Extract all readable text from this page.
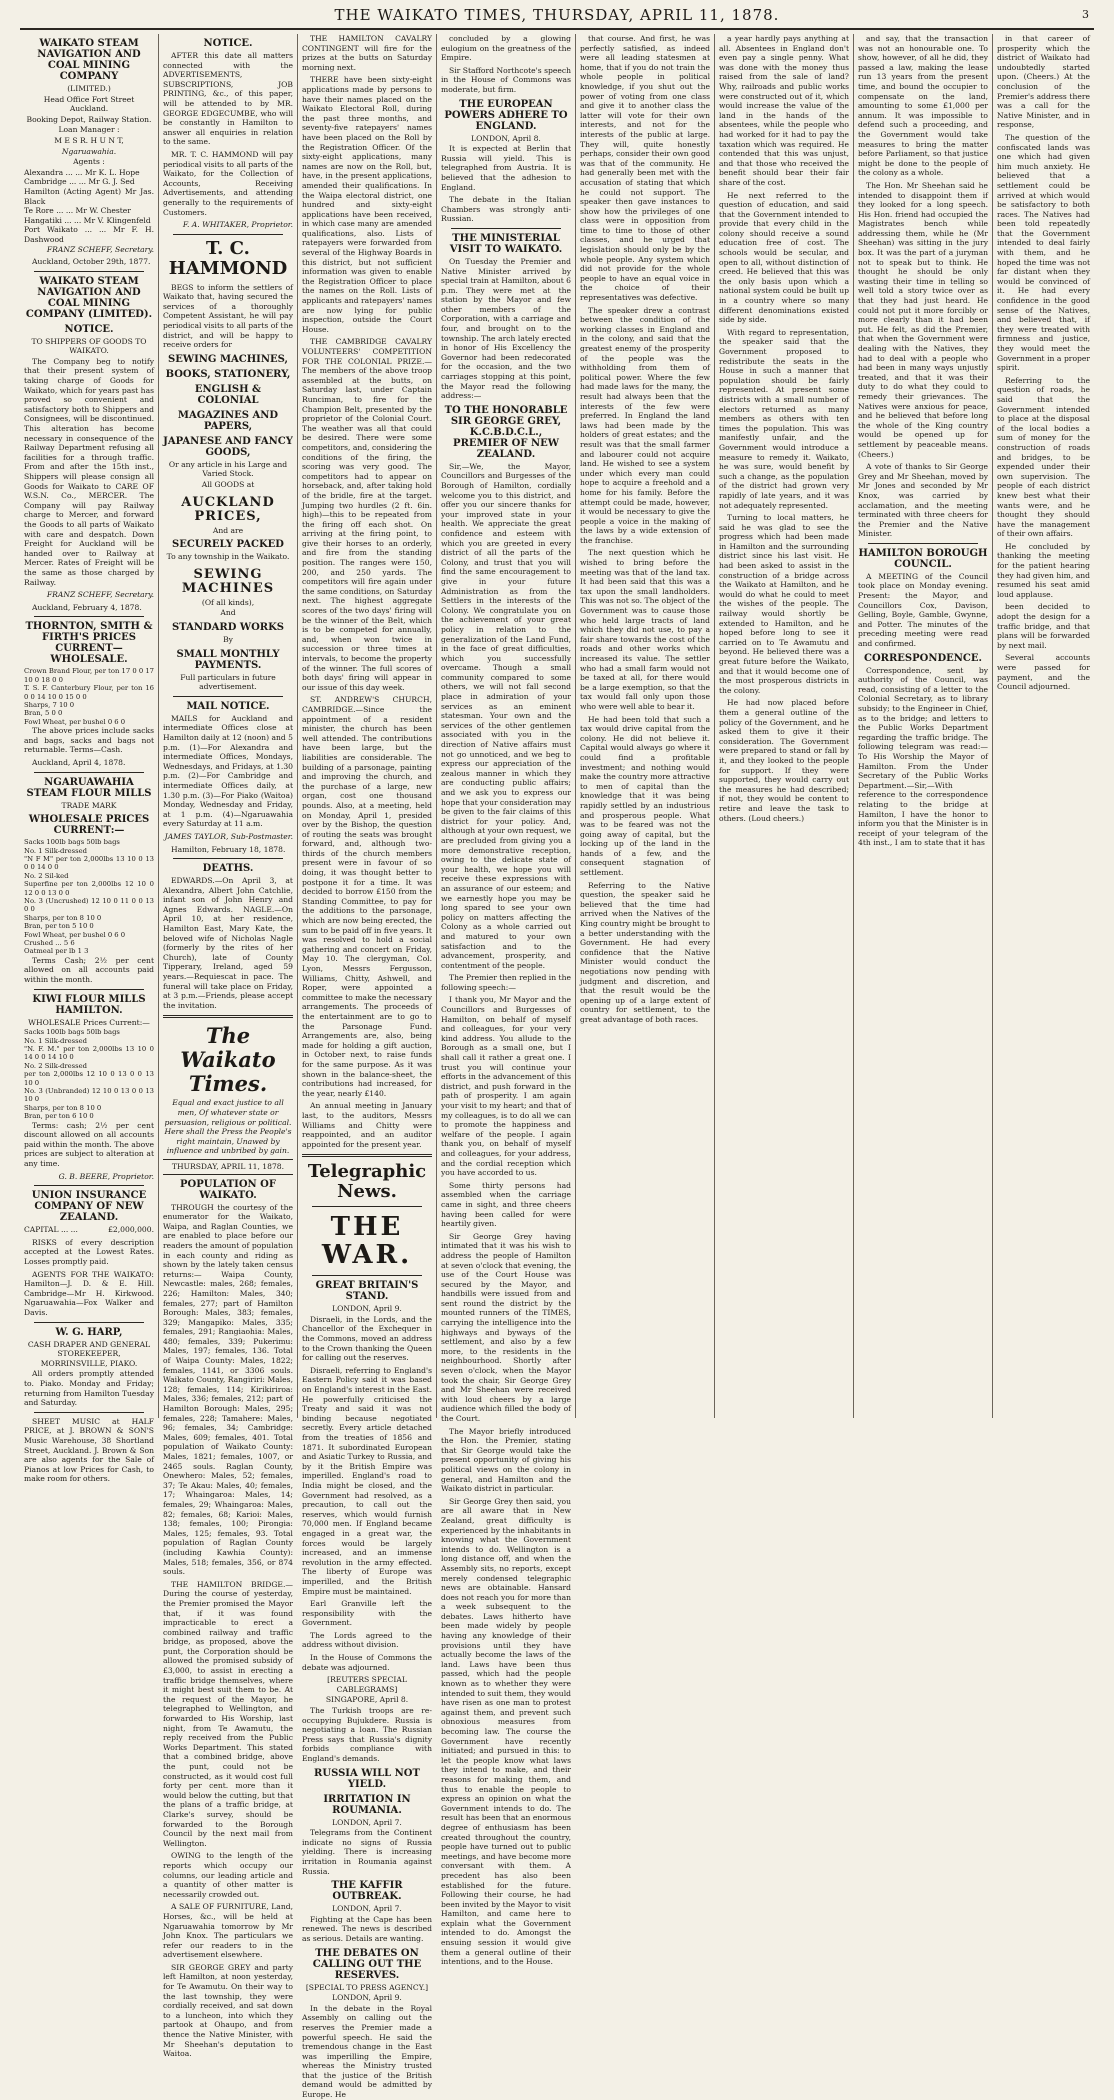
THE WAIKATO TIMES, THURSDAY, APRIL 11, 1878.	3
WAIKATO STEAM NAVIGATION AND COAL MINING COMPANY

(LIMITED.)

Head Office Fort Street Auckland.

Booking Depot, Railway Station.

Loan Manager :

M E S R. H U N T,

Ngaruawahia.

Agents :

Alexandra ... ... Mr K. L. Hope
Cambridge ... ... Mr G. J. Sed
Hamilton (Acting Agent) Mr Jas. Black
Te Rore ... ... Mr W. Chester
Hangatiki ... ... Mr V. Klingenfeld
Port Waikato ... ... Mr F. H. Dashwood

FRANZ SCHEFF, Secretary.

Auckland, October 29th, 1877.

WAIKATO STEAM NAVIGATION AND COAL MINING COMPANY (LIMITED).
NOTICE.

TO SHIPPERS OF GOODS TO WAIKATO.

The Company beg to notify that their present system of taking charge of Goods for Waikato, which for years past has proved so convenient and satisfactory both to Shippers and Consignees, will be discontinued. This alteration has become necessary in consequence of the Railway Department refusing all facilities for a through traffic. From and after the 15th inst., Shippers will please consign all Goods for Waikato to CARE OF W.S.N. Co., MERCER. The Company will pay Railway charge to Mercer, and forward the Goods to all parts of Waikato with care and despatch. Down Freight for Auckland will be handed over to Railway at Mercer. Rates of Freight will be the same as those charged by Railway.

FRANZ SCHEFF, Secretary.

Auckland, February 4, 1878.

THORNTON, SMITH & FIRTH'S PRICES CURRENT—WHOLESALE.
Crown Brand Flour, per ton 17 0 0 17 10 0 18 0 0
T. S. F. Canterbury Flour, per ton 16 0 0 14 10 0 15 0 0
Sharps, 7 10 0
Bran, 5 0 0
Fowl Wheat, per bushel 0 6 0

The above prices include sacks and bags, sacks and bags not returnable. Terms—Cash.

Auckland, April 4, 1878.

NGARUAWAHIA STEAM FLOUR MILLS

TRADE MARK

WHOLESALE PRICES CURRENT:—
Sacks 100lb bags 50lb bags
No. 1 Silk-dressed
"N F M" per ton 2,000lbs 13 10 0 13 0 0 14 0 0
No. 2 Sil-ked
Superfine per ton 2,000lbs 12 10 0 12 0 0 13 0 0
No. 3 (Uncrushed) 12 10 0 11 0 0 13 0 0
Sharps, per ton 8 10 0
Bran, per ton 5 10 0
Fowl Wheat, per bushel 0 6 0
Crushed ... 5 6
Oatmeal per lb 1 3

Terms Cash; 2½ per cent allowed on all accounts paid within the month.

KIWI FLOUR MILLS HAMILTON.

WHOLESALE Prices Current:—

Sacks 100lb bags 50lb bags
No. 1 Silk-dressed
"N. F. M." per ton 2,000lbs 13 10 0 14 0 0 14 10 0
No. 2 Silk-dressed
per ton 2,000lbs 12 10 0 13 0 0 13 10 0
No. 3 (Unbranded) 12 10 0 13 0 0 13 10 0
Sharps, per ton 8 10 0
Bran, per ton 6 10 0

Terms: cash; 2½ per cent discount allowed on all accounts paid within the month. The above prices are subject to alteration at any time.

G. B. BEERE, Proprietor.

UNION INSURANCE COMPANY OF NEW ZEALAND.

CAPITAL ... ...	£2,000,000.

RISKS of every description accepted at the Lowest Rates. Losses promptly paid.

AGENTS FOR THE WAIKATO: Hamilton—J. D. & E. Hill. Cambridge—Mr H. Kirkwood. Ngaruawahia—Fox Walker and Davis.

W. G. HARP,

CASH DRAPER AND GENERAL STOREKEEPER, MORRINSVILLE, PIAKO.

All orders promptly attended to. Piako. Monday and Friday; returning from Hamilton Tuesday and Saturday.

SHEET MUSIC at HALF PRICE, at J. BROWN & SON'S Music Warehouse, 38 Shortland Street, Auckland. J. Brown & Son are also agents for the Sale of Pianos at low Prices for Cash, to make room for others.

NOTICE.

AFTER this date all matters connected with the ADVERTISEMENTS, SUBSCRIPTIONS, JOB PRINTING, &c., of this paper, will be attended to by MR. GEORGE EDGECUMBE, who will be constantly in Hamilton to answer all enquiries in relation to the same.

MR. T. C. HAMMOND will pay periodical visits to all parts of the Waikato, for the Collection of Accounts, Receiving Advertisements, and attending generally to the requirements of Customers.

F. A. WHITAKER, Proprietor.

T. C. HAMMOND

BEGS to inform the settlers of Waikato that, having secured the services of a thoroughly Competent Assistant, he will pay periodical visits to all parts of the district, and will be happy to receive orders for

SEWING MACHINES,
BOOKS, STATIONERY,
ENGLISH & COLONIAL
MAGAZINES AND PAPERS,
JAPANESE AND FANCY GOODS,

Or any article in his Large and Varied Stock.

All GOODS at

AUCKLAND PRICES,

And are

SECURELY PACKED

To any township in the Waikato.

SEWING MACHINES

(Of all kinds),

And

STANDARD WORKS

By

SMALL MONTHLY PAYMENTS.

Full particulars in future advertisement.

MAIL NOTICE.

MAILS for Auckland and intermediate Offices close at Hamilton daily at 12 (noon) and 5 p.m. (1)—For Alexandra and intermediate Offices, Mondays, Wednesdays, and Fridays, at 1.30 p.m. (2)—For Cambridge and intermediate Offices daily, at 1.30 p.m. (3)—For Piako (Waitoa) Monday, Wednesday and Friday, at 1 p.m. (4)—Ngaruawahia every Saturday at 11 a.m.

JAMES TAYLOR, Sub-Postmaster.

Hamilton, February 18, 1878.

DEATHS.

EDWARDS.—On April 3, at Alexandra, Albert John Catchlie, infant son of John Henry and Agnes Edwards. NAGLE.—On April 10, at her residence, Hamilton East, Mary Kate, the beloved wife of Nicholas Nagle (formerly by the rites of her Church), late of County Tipperary, Ireland, aged 59 years.—Requiescat in pace. The funeral will take place on Friday, at 3 p.m.—Friends, please accept the invitation.

The Waikato Times.

Equal and exact justice to all men, Of whatever state or persuasion, religious or political. Here shall the Press the People's right maintain, Unawed by influence and unbribed by gain.

THURSDAY, APRIL 11, 1878.

POPULATION OF WAIKATO.

THROUGH the courtesy of the enumerator for the Waikato, Waipa, and Raglan Counties, we are enabled to place before our readers the amount of population in each county and riding as shown by the lately taken census returns:— Waipa County, Newcastle: males, 268; females, 226; Hamilton: Males, 340; females, 277; part of Hamilton Borough: Males, 383; females, 329; Mangapiko: Males, 335; females, 291; Rangiaohia: Males, 480; females, 339; Pukerimu: Males, 197; females, 136. Total of Waipa County: Males, 1822; females, 1141, or 3306 souls. Waikato County, Rangiriri: Males, 128; females, 114; Kirikiriroa: Males, 336; females, 212; part of Hamilton Borough: Males, 295; females, 228; Tamahere: Males, 96; females, 34; Cambridge: Males, 609; females, 401. Total population of Waikato County: Males, 1821; females, 1007, or 2465 souls. Raglan County, Onewhero: Males, 52; females, 37; Te Akau: Males, 40; females, 17; Whaingaroa: Males, 14; females, 29; Whaingaroa: Males, 82; females, 68; Karioi: Males, 138; females, 100; Pirongia: Males, 125; females, 93. Total population of Raglan County (including Kawhia County): Males, 518; females, 356, or 874 souls.

THE HAMILTON BRIDGE.—During the course of yesterday, the Premier promised the Mayor that, if it was found impracticable to erect a combined railway and traffic bridge, as proposed, above the punt, the Corporation should be allowed the promised subsidy of £3,000, to assist in erecting a traffic bridge themselves, where it might best suit them to be. At the request of the Mayor, he telegraphed to Wellington, and forwarded to His Worship, last night, from Te Awamutu, the reply received from the Public Works Department. This stated that a combined bridge, above the punt, could not be constructed, as it would cost full forty per cent. more than it would below the cutting, but that the plans of a traffic bridge, at Clarke's survey, should be forwarded to the Borough Council by the next mail from Wellington.

OWING to the length of the reports which occupy our columns, our leading article and a quantity of other matter is necessarily crowded out.

A SALE OF FURNITURE, Land, Horses, &c., will be held at Ngaruawahia tomorrow by Mr John Knox. The particulars we refer our readers to in the advertisement elsewhere.

SIR GEORGE GREY and party left Hamilton, at noon yesterday, for Te Awamutu. On their way to the last township, they were cordially received, and sat down to a luncheon, into which they partook at Ohaupo, and from thence the Native Minister, with Mr Sheehan's deputation to Waitoa.

THE HAMILTON CAVALRY CONTINGENT will fire for the prizes at the butts on Saturday morning next.

THERE have been sixty-eight applications made by persons to have their names placed on the Waikato Electoral Roll, during the past three months, and seventy-five ratepayers' names have been placed on the Roll by the Registration Officer. Of the sixty-eight applications, many names are now on the Roll, but, have, in the present applications, amended their qualifications. In the Waipa electoral district, one hundred and sixty-eight applications have been received, in which case many are amended qualifications, also. Lists of ratepayers were forwarded from several of the Highway Boards in this district, but not sufficient information was given to enable the Registration Officer to place the names on the Roll. Lists of applicants and ratepayers' names are now lying for public inspection, outside the Court House.

THE CAMBRIDGE CAVALRY VOLUNTEERS' COMPETITION FOR THE COLONIAL PRIZE.—The members of the above troop assembled at the butts, on Saturday last, under Captain Runciman, to fire for the Champion Belt, presented by the proprietor of the Colonial Court. The weather was all that could be desired. There were some competitors, and, considering the conditions of the firing, the scoring was very good. The competitors had to appear on horseback, and, after taking hold of the bridle, fire at the target. Jumping two hurdles (2 ft. 6in. high)—this to be repeated from the firing off each shot. On arriving at the firing point, to give their horses to an orderly, and fire from the standing position. The ranges were 150, 200, and 250 yards. The competitors will fire again under the same conditions, on Saturday next. The highest aggregate scores of the two days' firing will be the winner of the Belt, which is to be competed for annually, and, when won twice in succession or three times at intervals, to become the property of the winner. The full scores of both days' firing will appear in our issue of this day week.

ST. ANDREW'S CHURCH, CAMBRIDGE.—Since the appointment of a resident minister, the church has been well attended. The contributions have been large, but the liabilities are considerable. The building of a parsonage, painting and improving the church, and the purchase of a large, new organ, cost one thousand pounds. Also, at a meeting, held on Monday, April 1, presided over by the Bishop, the question of routing the seats was brought forward, and, although two-thirds of the church members present were in favour of so doing, it was thought better to postpone it for a time. It was decided to borrow £150 from the Standing Committee, to pay for the additions to the parsonage, which are now being erected, the sum to be paid off in five years. It was resolved to hold a social gathering and concert on Friday, May 10. The clergyman, Col. Lyon, Messrs Fergusson, Williams, Chitty, Ashwell, and Roper, were appointed a committee to make the necessary arrangements. The proceeds of the entertainment are to go to the Parsonage Fund. Arrangements are, also, being made for holding a gift auction, in October next, to raise funds for the same purpose. As it was shown in the balance-sheet, the contributions had increased, for the year, nearly £140.

An annual meeting in January last, to the auditors, Messrs Williams and Chitty were reappointed, and an auditor appointed for the present year.

Telegraphic News.
THE WAR.
GREAT BRITAIN'S STAND.

LONDON, April 9.

Disraeli, in the Lords, and the Chancellor of the Exchequer in the Commons, moved an address to the Crown thanking the Queen for calling out the reserves.

Disraeli, referring to England's Eastern Policy said it was based on England's interest in the East. He powerfully criticised the Treaty and said it was not binding because negotiated secretly. Every article detached from the treaties of 1856 and 1871. It subordinated European and Asiatic Turkey to Russia, and by it the British Empire was imperilled. England's road to India might be closed, and the Government had resolved, as a precaution, to call out the reserves, which would furnish 70,000 men. If England became engaged in a great war, the forces would be largely increased, and an immense revolution in the army effected. The liberty of Europe was imperilled, and the British Empire must be maintained.

Earl Granville left the responsibility with the Government.

The Lords agreed to the address without division.

In the House of Commons the debate was adjourned.

[REUTERS SPECIAL CABLEGRAMS]

SINGAPORE, April 8.

The Turkish troops are re-occupying Bujukdere. Russia is negotiating a loan. The Russian Press says that Russia's dignity forbids compliance with England's demands.

RUSSIA WILL NOT YIELD.
IRRITATION IN ROUMANIA.

LONDON, April 7.

Telegrams from the Continent indicate no signs of Russia yielding. There is increasing irritation in Roumania against Russia.

THE KAFFIR OUTBREAK.

LONDON, April 7.

Fighting at the Cape has been renewed. The news is described as serious. Details are wanting.

THE DEBATES ON CALLING OUT THE RESERVES.

[SPECIAL TO PRESS AGENCY.]

LONDON, April 9.

In the debate in the Royal Assembly on calling out the reserves the Premier made a powerful speech. He said the tremendous change in the East was imperilling the Empire, whereas the Ministry trusted that the justice of the British demand would be admitted by Europe. He

concluded by a glowing eulogium on the greatness of the Empire.

Sir Stafford Northcote's speech in the House of Commons was moderate, but firm.

THE EUROPEAN POWERS ADHERE TO ENGLAND.

LONDON, April 8.

It is expected at Berlin that Russia will yield. This is telegraphed from Austria. It is believed that the adhesion to England.

The debate in the Italian Chambers was strongly anti-Russian.

THE MINISTERIAL VISIT TO WAIKATO.

On Tuesday the Premier and Native Minister arrived by special train at Hamilton, about 6 p.m. They were met at the station by the Mayor and few other members of the Corporation, with a carriage and four, and brought on to the township. The arch lately erected in honor of His Excellency the Governor had been redecorated for the occasion, and the two carriages stopping at this point, the Mayor read the following address:—

TO THE HONORABLE SIR GEORGE GREY, K.C.B.D.C.L., PREMIER OF NEW ZEALAND.

Sir,—We, the Mayor, Councillors and Burgesses of the Borough of Hamilton, cordially welcome you to this district, and offer you our sincere thanks for your improved state in your health. We appreciate the great confidence and esteem with which you are greeted in every district of all the parts of the Colony, and trust that you will find the same encouragement to give in your future Administration as from the Settlers in the interests of the Colony. We congratulate you on the achievement of your great policy in relation to the generalization of the Land Fund, in the face of great difficulties, which you successfully overcame. Though a small community compared to some others, we will not fall second place in admiration of your services as an eminent statesman. Your own and the services of the other gentlemen associated with you in the direction of Native affairs must not go unnoticed, and we beg to express our appreciation of the zealous manner in which they are conducting public affairs; and we ask you to express our hope that your consideration may be given to the fair claims of this district for your policy. And, although at your own request, we are precluded from giving you a more demonstrative reception, owing to the delicate state of your health, we hope you will receive these expressions with an assurance of our esteem; and we earnestly hope you may be long spared to see your own policy on matters affecting the Colony as a whole carried out and matured to your own satisfaction and to the advancement, prosperity, and contentment of the people.

The Premier then replied in the following speech:—

I thank you, Mr Mayor and the Councillors and Burgesses of Hamilton, on behalf of myself and colleagues, for your very kind address. You allude to the Borough as a small one, but I shall call it rather a great one. I trust you will continue your efforts in the advancement of this district, and push forward in the path of prosperity. I am again your visit to my heart; and that of my colleagues, is to do all we can to promote the happiness and welfare of the people. I again thank you, on behalf of myself and colleagues, for your address, and the cordial reception which you have accorded to us.

Some thirty persons had assembled when the carriage came in sight, and three cheers having been called for were heartily given.

Sir George Grey having intimated that it was his wish to address the people of Hamilton at seven o'clock that evening, the use of the Court House was secured by the Mayor, and handbills were issued from and sent round the district by the mounted runners of the TIMES, carrying the intelligence into the highways and byways of the settlement, and also by a few more, to the residents in the neighbourhood. Shortly after seven o'clock, when the Mayor took the chair, Sir George Grey and Mr Sheehan were received with loud cheers by a large audience which filled the body of the Court.

The Mayor briefly introduced the Hon. the Premier, stating that Sir George would take the present opportunity of giving his political views on the colony in general, and Hamilton and the Waikato district in particular.

Sir George Grey then said, you are all aware that in New Zealand, great difficulty is experienced by the inhabitants in knowing what the Government intends to do. Wellington is a long distance off, and when the Assembly sits, no reports, except merely condensed telegraphic news are obtainable. Hansard does not reach you for more than a week subsequent to the debates. Laws hitherto have been made widely by people having any knowledge of their provisions until they have actually become the laws of the land. Laws have been thus passed, which had the people known as to whether they were intended to suit them, they would have risen as one man to protest against them, and prevent such obnoxious measures from becoming law. The course the Government have recently initiated; and pursued in this: to let the people know what laws they intend to make, and their reasons for making them, and thus to enable the people to express an opinion on what the Government intends to do. The result has been that an enormous degree of enthusiasm has been created throughout the country, people have turned out to public meetings, and have become more conversant with them. A precedent has also been established for the future. Following their course, he had been invited by the Mayor to visit Hamilton, and came here to explain what the Government intended to do. Amongst the ensuing session it would give them a general outline of their intentions, and to the House.

that course. And first, he was perfectly satisfied, as indeed were all leading statesmen at home, that if you do not train the whole people in political knowledge, if you shut out the power of voting from one class and give it to another class the latter will vote for their own interests, and not for the interests of the public at large. They will, quite honestly perhaps, consider their own good was that of the community. He had generally been met with the accusation of stating that which he could not support. The speaker then gave instances to show how the privileges of one class were in opposition from time to time to those of other classes, and he urged that legislation should only be by the whole people. Any system which did not provide for the whole people to have an equal voice in the choice of their representatives was defective.

The speaker drew a contrast between the condition of the working classes in England and in the colony, and said that the greatest enemy of the prosperity of the people was the withholding from them of political power. Where the few had made laws for the many, the result had always been that the interests of the few were preferred. In England the land laws had been made by the holders of great estates; and the result was that the small farmer and labourer could not acquire land. He wished to see a system under which every man could hope to acquire a freehold and a home for his family. Before the attempt could be made, however, it would be necessary to give the people a voice in the making of the laws by a wide extension of the franchise.

The next question which he wished to bring before the meeting was that of the land tax. It had been said that this was a tax upon the small landholders. This was not so. The object of the Government was to cause those who held large tracts of land which they did not use, to pay a fair share towards the cost of the roads and other works which increased its value. The settler who had a small farm would not be taxed at all, for there would be a large exemption, so that the tax would fall only upon those who were well able to bear it.

He had been told that such a tax would drive capital from the colony. He did not believe it. Capital would always go where it could find a profitable investment; and nothing would make the country more attractive to men of capital than the knowledge that it was being rapidly settled by an industrious and prosperous people. What was to be feared was not the going away of capital, but the locking up of the land in the hands of a few, and the consequent stagnation of settlement.

Referring to the Native question, the speaker said he believed that the time had arrived when the Natives of the King country might be brought to a better understanding with the Government. He had every confidence that the Native Minister would conduct the negotiations now pending with judgment and discretion, and that the result would be the opening up of a large extent of country for settlement, to the great advantage of both races.

a year hardly pays anything at all. Absentees in England don't even pay a single penny. What was done with the money thus raised from the sale of land? Why, railroads and public works were constructed out of it, which would increase the value of the land in the hands of the absentees, while the people who had worked for it had to pay the taxation which was required. He contended that this was unjust, and that those who received the benefit should bear their fair share of the cost.

He next referred to the question of education, and said that the Government intended to provide that every child in the colony should receive a sound education free of cost. The schools would be secular, and open to all, without distinction of creed. He believed that this was the only basis upon which a national system could be built up in a country where so many different denominations existed side by side.

With regard to representation, the speaker said that the Government proposed to redistribute the seats in the House in such a manner that population should be fairly represented. At present some districts with a small number of electors returned as many members as others with ten times the population. This was manifestly unfair, and the Government would introduce a measure to remedy it. Waikato, he was sure, would benefit by such a change, as the population of the district had grown very rapidly of late years, and it was not adequately represented.

Turning to local matters, he said he was glad to see the progress which had been made in Hamilton and the surrounding district since his last visit. He had been asked to assist in the construction of a bridge across the Waikato at Hamilton, and he would do what he could to meet the wishes of the people. The railway would shortly be extended to Hamilton, and he hoped before long to see it carried on to Te Awamutu and beyond. He believed there was a great future before the Waikato, and that it would become one of the most prosperous districts in the colony.

He had now placed before them a general outline of the policy of the Government, and he asked them to give it their consideration. The Government were prepared to stand or fall by it, and they looked to the people for support. If they were supported, they would carry out the measures he had described; if not, they would be content to retire and leave the task to others. (Loud cheers.)

and say, that the transaction was not an honourable one. To show, however, of all he did, they passed a law, making the lease run 13 years from the present time, and bound the occupier to compensate on the land, amounting to some £1,000 per annum. It was impossible to defend such a proceeding, and the Government would take measures to bring the matter before Parliament, so that justice might be done to the people of the colony as a whole.

The Hon. Mr Sheehan said he intended to disappoint them if they looked for a long speech. His Hon. friend had occupied the Magistrates bench while addressing them, while he (Mr Sheehan) was sitting in the jury box. It was the part of a juryman not to speak but to think. He thought he should be only wasting their time in telling so well told a story twice over as that they had just heard. He could not put it more forcibly or more clearly than it had been put. He felt, as did the Premier, that when the Government were dealing with the Natives, they had to deal with a people who had been in many ways unjustly treated, and that it was their duty to do what they could to remedy their grievances. The Natives were anxious for peace, and he believed that before long the whole of the King country would be opened up for settlement by peaceable means. (Cheers.)

A vote of thanks to Sir George Grey and Mr Sheehan, moved by Mr Jones and seconded by Mr Knox, was carried by acclamation, and the meeting terminated with three cheers for the Premier and the Native Minister.

HAMILTON BOROUGH COUNCIL.

A MEETING of the Council took place on Monday evening. Present: the Mayor, and Councillors Cox, Davison, Gelling, Boyle, Gamble, Gwynne, and Potter. The minutes of the preceding meeting were read and confirmed.

CORRESPONDENCE.

Correspondence, sent by authority of the Council, was read, consisting of a letter to the Colonial Secretary, as to library subsidy; to the Engineer in Chief, as to the bridge; and letters to the Public Works Department regarding the traffic bridge. The following telegram was read:— To His Worship the Mayor of Hamilton. From the Under Secretary of the Public Works Department.—Sir,—With reference to the correspondence relating to the bridge at Hamilton, I have the honor to inform you that the Minister is in receipt of your telegram of the 4th inst., I am to state that it has

in that career of prosperity which the district of Waikato had undoubtedly started upon. (Cheers.) At the conclusion of the Premier's address there was a call for the Native Minister, and in response,

The question of the confiscated lands was one which had given him much anxiety. He believed that a settlement could be arrived at which would be satisfactory to both races. The Natives had been told repeatedly that the Government intended to deal fairly with them, and he hoped the time was not far distant when they would be convinced of it. He had every confidence in the good sense of the Natives, and believed that, if they were treated with firmness and justice, they would meet the Government in a proper spirit.

Referring to the question of roads, he said that the Government intended to place at the disposal of the local bodies a sum of money for the construction of roads and bridges, to be expended under their own supervision. The people of each district knew best what their wants were, and he thought they should have the management of their own affairs.

He concluded by thanking the meeting for the patient hearing they had given him, and resumed his seat amid loud applause.

been decided to adopt the design for a traffic bridge, and that plans will be forwarded by next mail.

Several accounts were passed for payment, and the Council adjourned.
